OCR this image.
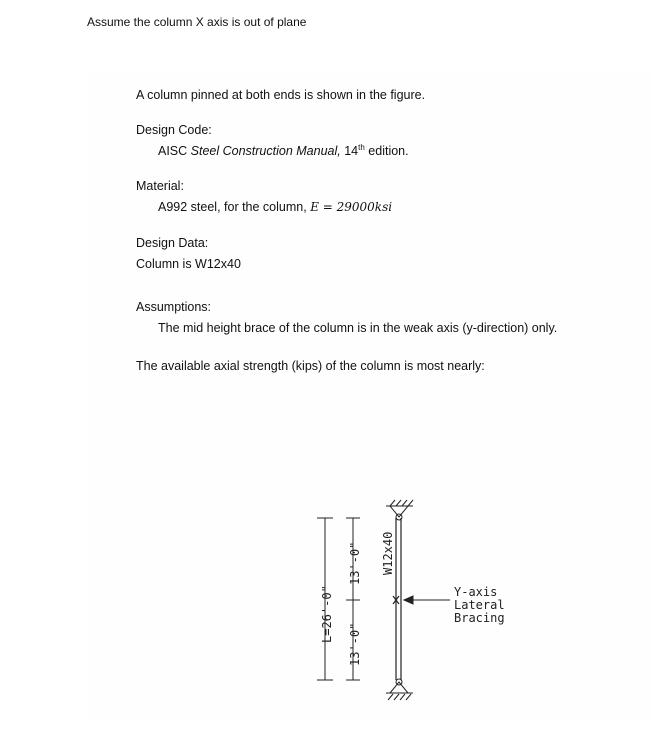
Assume the column X axis is out of plane
A column pinned at both ends is shown in the figure.
Design Code:
AISC Steel Construction Manual, 14th edition.
Material:
A992 steel, for the column, E = 29000ksi
Design Data:
Column is W12x40
Assumptions:
The mid height brace of the column is in the weak axis (y-direction) only.
The available axial strength (kips) of the column is most nearly:
L=26'-0"
13'-0"
13'-0" W12x40
Y-axis
Lateral
Bracing
